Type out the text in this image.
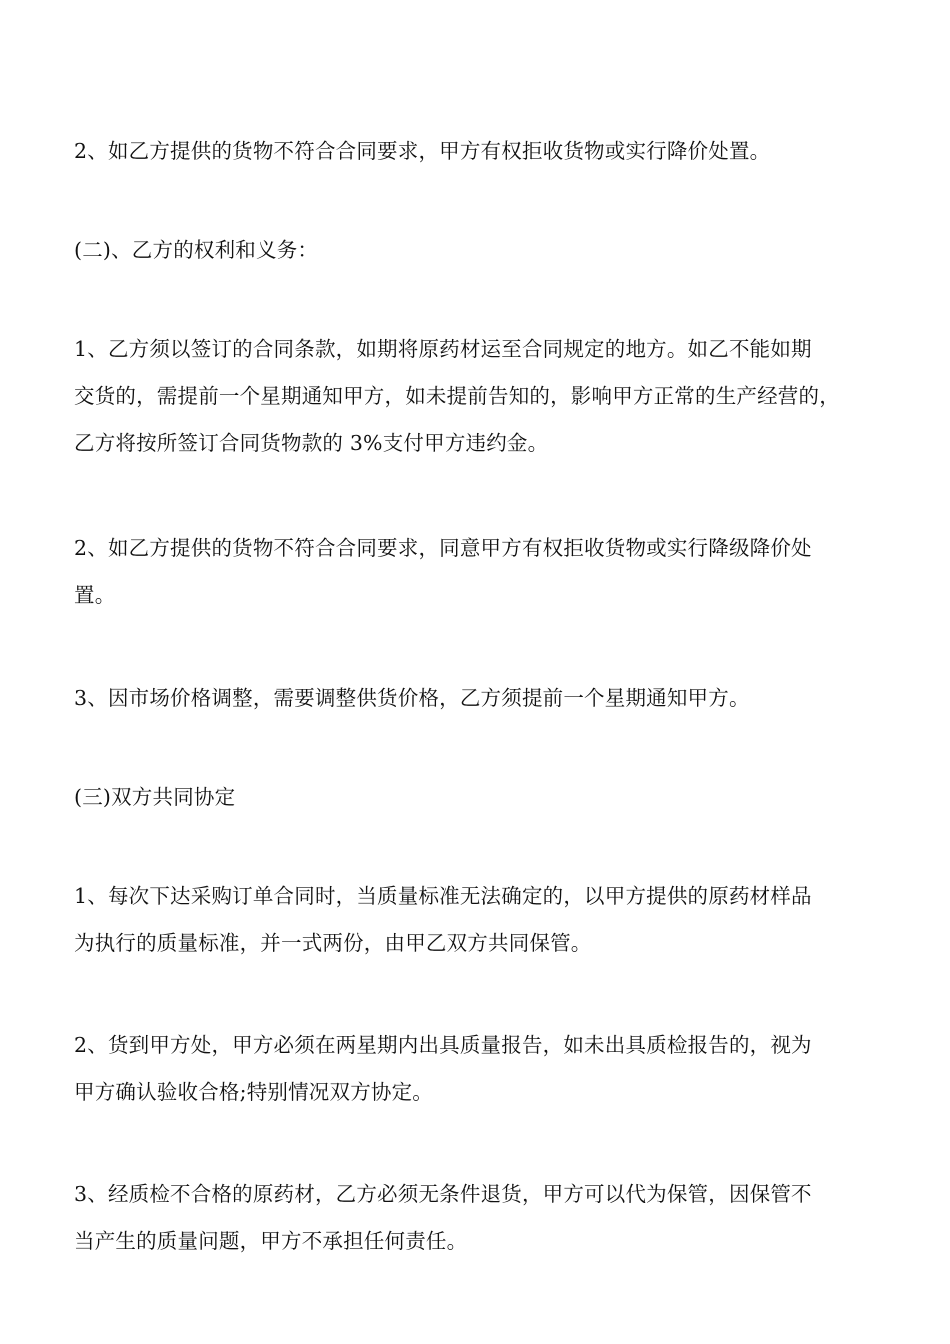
2、如乙方提供的货物不符合合同要求，甲方有权拒收货物或实行降价处置。

(二)、乙方的权利和义务：

1、乙方须以签订的合同条款，如期将原药材运至合同规定的地方。如乙不能如期
交货的，需提前一个星期通知甲方，如未提前告知的，影响甲方正常的生产经营的，
乙方将按所签订合同货物款的 3%支付甲方违约金。

2、如乙方提供的货物不符合合同要求，同意甲方有权拒收货物或实行降级降价处
置。

3、因市场价格调整，需要调整供货价格，乙方须提前一个星期通知甲方。

(三)双方共同协定

1、每次下达采购订单合同时，当质量标准无法确定的，以甲方提供的原药材样品
为执行的质量标准，并一式两份，由甲乙双方共同保管。

2、货到甲方处，甲方必须在两星期内出具质量报告，如未出具质检报告的，视为
甲方确认验收合格;特别情况双方协定。

3、经质检不合格的原药材，乙方必须无条件退货，甲方可以代为保管，因保管不
当产生的质量问题，甲方不承担任何责任。
